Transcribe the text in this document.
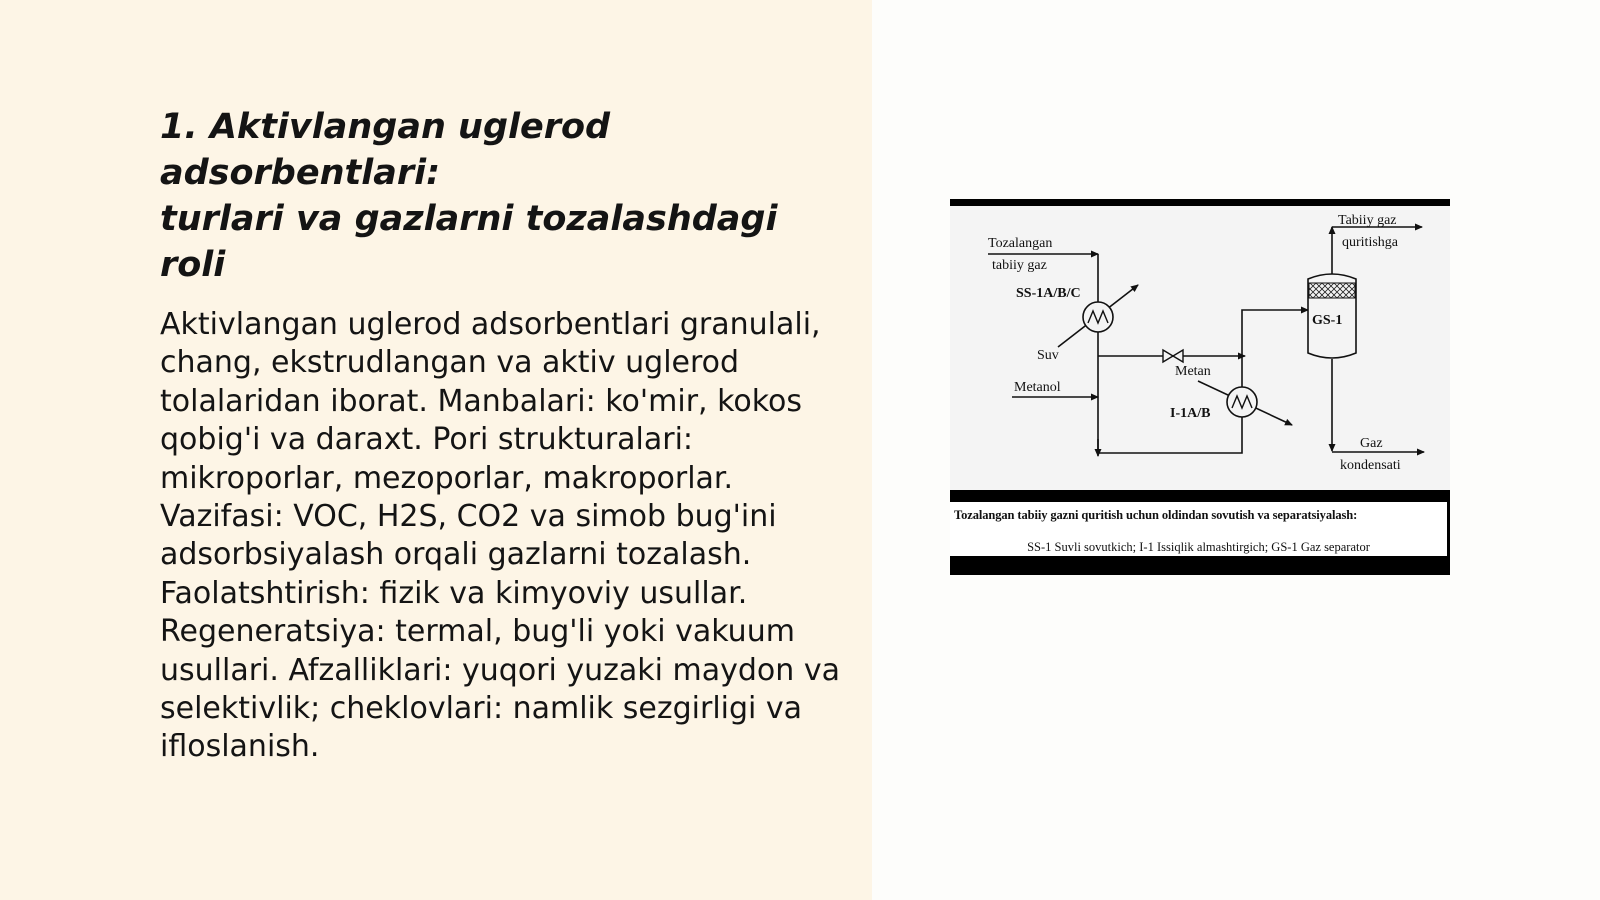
1. Aktivlangan uglerod adsorbentlari:
turlari va gazlarni tozalashdagi roli

Aktivlangan uglerod adsorbentlari granulali, chang, ekstrudlangan va aktiv uglerod tolalaridan iborat. Manbalari: ko'mir, kokos qobig'i va daraxt. Pori strukturalari: mikroporlar, mezoporlar, makroporlar. Vazifasi: VOC, H2S, CO2 va simob bug'ini adsorbsiyalash orqali gazlarni tozalash. Faolatshtirish: fizik va kimyoviy usullar. Regeneratsiya: termal, bug'li yoki vakuum usullari. Afzalliklari: yuqori yuzaki maydon va selektivlik; cheklovlari: namlik sezgirligi va ifloslanish.

Tozalangan
tabiiy gaz
SS-1A/B/C
Suv
Metanol
Metan
I-1A/B
GS-1
Tabiiy gaz
quritishga
Gaz
kondensati

Tozalangan tabiiy gazni quritish uchun oldindan sovutish va separatsiyalash:

SS-1 Suvli sovutkich; I-1 Issiqlik almashtirgich; GS-1 Gaz separator
